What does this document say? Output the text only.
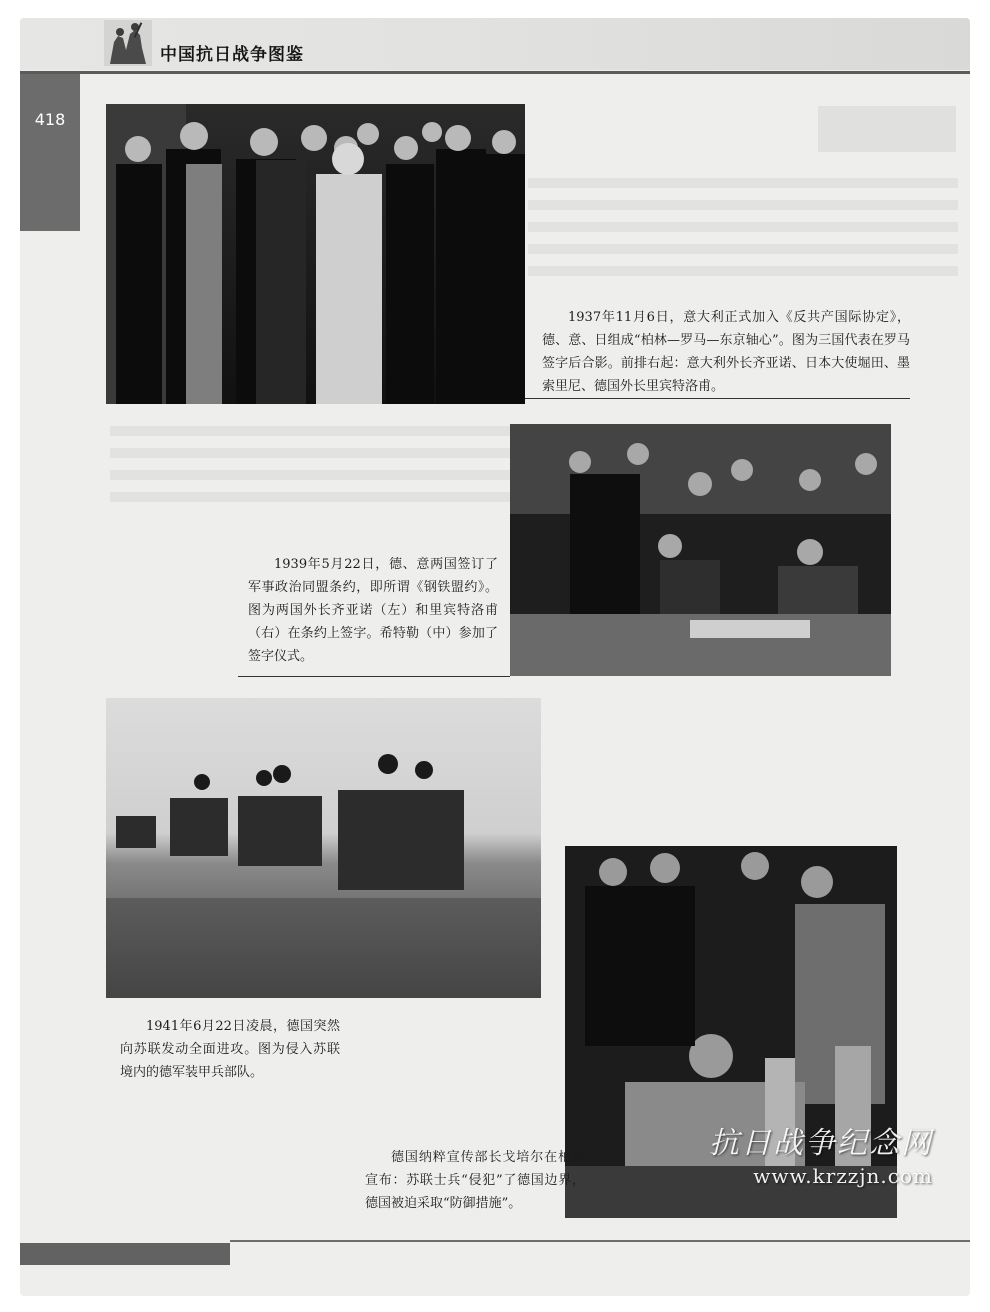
中国抗日战争图鉴
418
1937年11月6日，意大利正式加入《反共产国际协定》，德、意、日组成“柏林—罗马—东京轴心”。图为三国代表在罗马签字后合影。前排右起：意大利外长齐亚诺、日本大使堀田、墨索里尼、德国外长里宾特洛甫。
1939年5月22日，德、意两国签订了军事政治同盟条约，即所谓《钢铁盟约》。图为两国外长齐亚诺（左）和里宾特洛甫（右）在条约上签字。希特勒（中）参加了签字仪式。
1941年6月22日凌晨，德国突然向苏联发动全面进攻。图为侵入苏联境内的德军装甲兵部队。
德国纳粹宣传部长戈培尔在柏林宣布：苏联士兵“侵犯”了德国边界，德国被迫采取“防御措施”。
抗日战争纪念网
www.krzzjn.com
